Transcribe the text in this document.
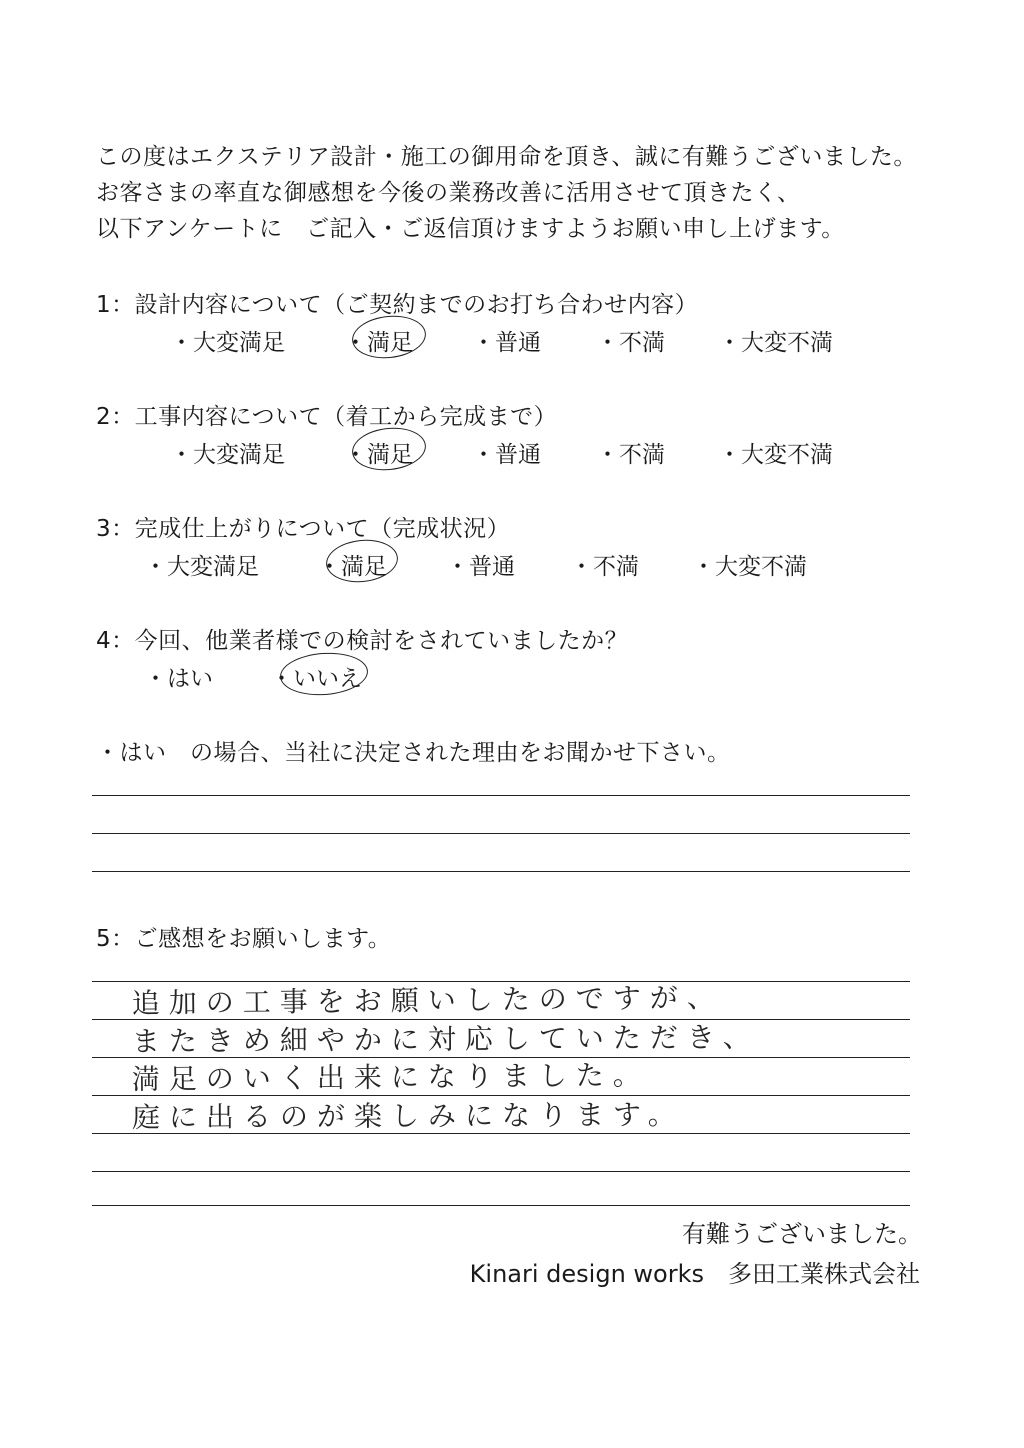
この度はエクステリア設計・施工の御用命を頂き、誠に有難うございました。
お客さまの率直な御感想を今後の業務改善に活用させて頂きたく、
以下アンケートに　ご記入・ご返信頂けますようお願い申し上げます。
1：設計内容について（ご契約までのお打ち合わせ内容）
・大変満足	・満足	・普通 ・不満 ・大変不満
2：工事内容について（着工から完成まで）
・大変満足	・満足	・普通 ・不満 ・大変不満
3：完成仕上がりについて（完成状況）
・大変満足	・満足	・普通 ・不満 ・大変不満
4：今回、他業者様での検討をされていましたか？
・はい ・いいえ
・はい　の場合、当社に決定された理由をお聞かせ下さい。
5：ご感想をお願いします。
追加の工事をお願いしたのですが、
またきめ細やかに対応していただき、
満足のいく出来になりました。
庭に出るのが楽しみになります。
有難うございました。
Kinari design works　多田工業株式会社
